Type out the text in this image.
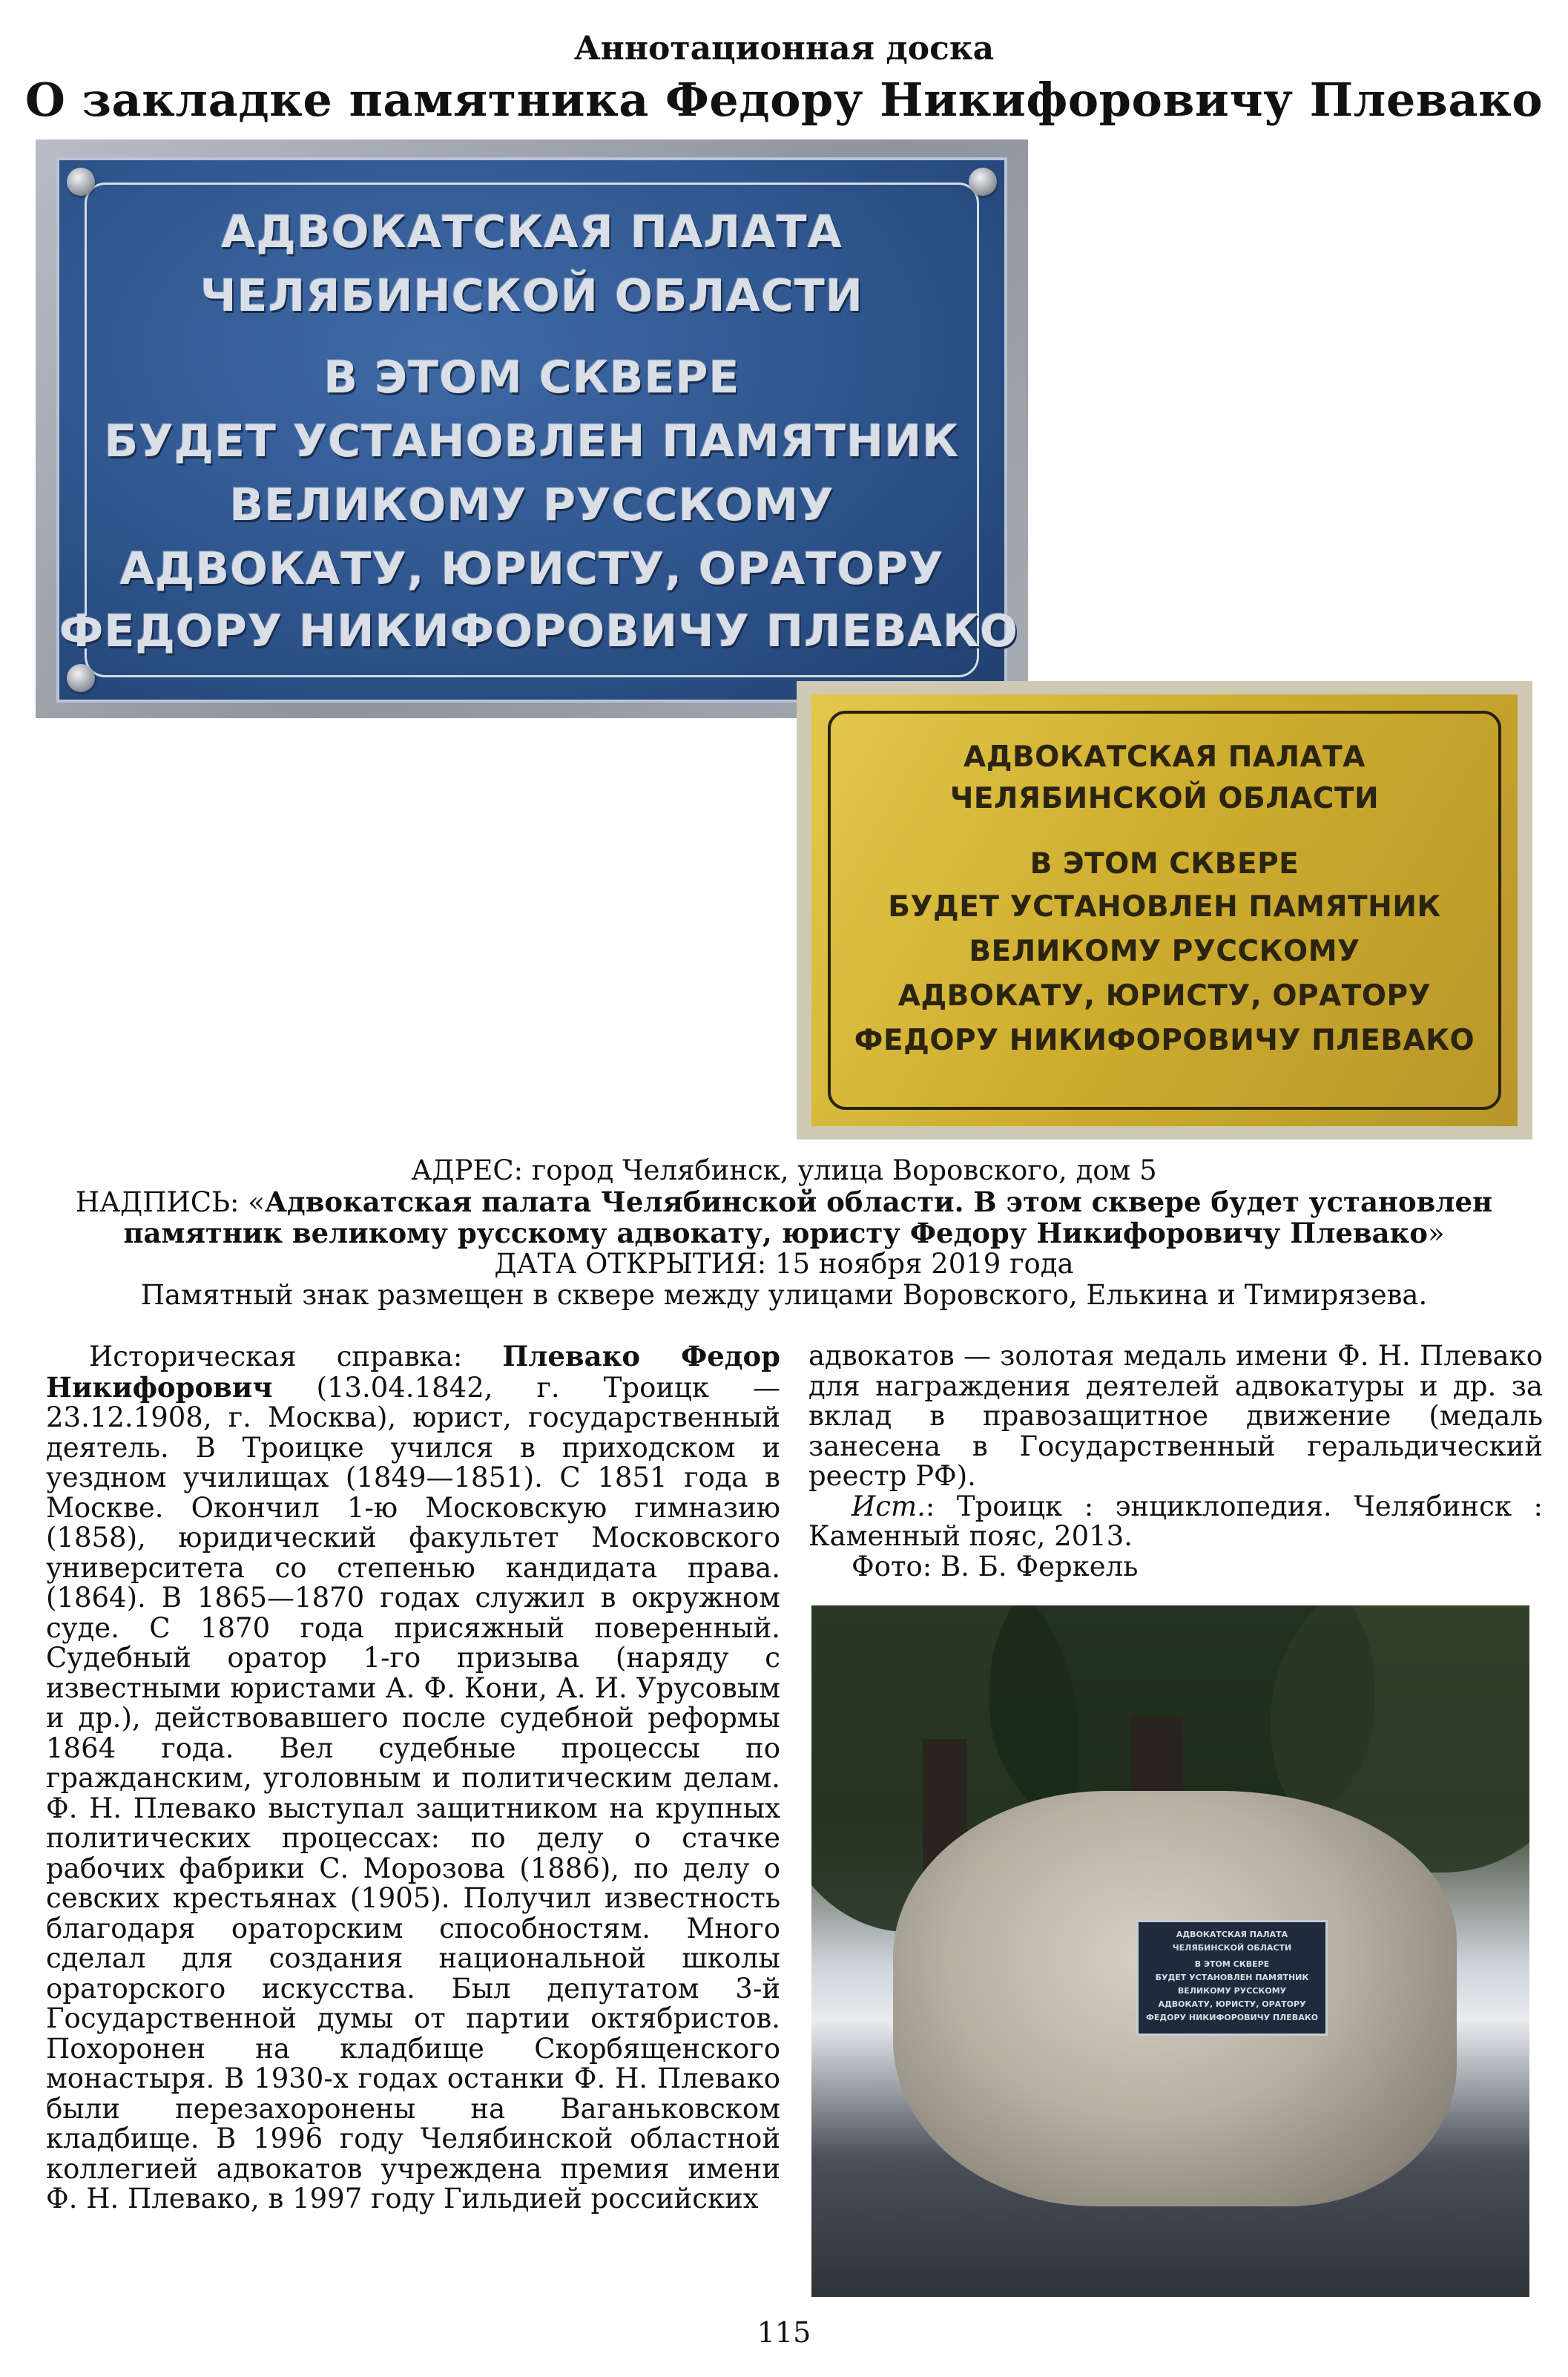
Аннотационная доска
О закладке памятника Федору Никифоровичу Плевако
АДВОКАТСКАЯ ПАЛАТА
ЧЕЛЯБИНСКОЙ ОБЛАСТИ
В ЭТОМ СКВЕРЕ
БУДЕТ УСТАНОВЛЕН ПАМЯТНИК
ВЕЛИКОМУ РУССКОМУ
АДВОКАТУ, ЮРИСТУ, ОРАТОРУ
ФЕДОРУ НИКИФОРОВИЧУ ПЛЕВАКО
АДВОКАТСКАЯ ПАЛАТА
ЧЕЛЯБИНСКОЙ ОБЛАСТИ
В ЭТОМ СКВЕРЕ
БУДЕТ УСТАНОВЛЕН ПАМЯТНИК
ВЕЛИКОМУ РУССКОМУ
АДВОКАТУ, ЮРИСТУ, ОРАТОРУ
ФЕДОРУ НИКИФОРОВИЧУ ПЛЕВАКО
АДРЕС: город Челябинск, улица Воровского, дом 5
НАДПИСЬ: «Адвокатская палата Челябинской области. В этом сквере будет установлен
памятник великому русскому адвокату, юристу Федору Никифоровичу Плевако»
ДАТА ОТКРЫТИЯ: 15 ноября 2019 года
Памятный знак размещен в сквере между улицами Воровского, Елькина и Тимирязева.

Историческая справка: Плевако Федор Никифорович (13.04.1842, г. Троицк — 23.12.1908, г. Москва), юрист, государственный деятель. В Троицке учился в приходском и уездном училищах (1849—1851). С 1851 года в Москве. Окончил 1-ю Московскую гимназию (1858), юридический факультет Московского университета со степенью кандидата права. (1864). В 1865—1870 годах служил в окружном суде. С 1870 года присяжный поверенный. Судебный оратор 1-го призыва (наряду с известными юристами А. Ф. Кони, А. И. Урусовым и др.), действовавшего после судебной реформы 1864 года. Вел судебные процессы по гражданским, уголовным и политическим делам. Ф. Н. Плевако выступал защитником на крупных политических процессах: по делу о стачке рабочих фабрики С. Морозова (1886), по делу о севских крестьянах (1905). Получил известность благодаря ораторским способностям. Много сделал для создания национальной школы ораторского искусства. Был депутатом 3-й Государственной думы от партии октябристов. Похоронен на кладбище Скорбященского монастыря. В 1930-х годах останки Ф. Н. Плевако были перезахоронены на Ваганьковском кладбище. В 1996 году Челябинской областной коллегией адвокатов учреждена премия имени Ф. Н. Плевако, в 1997 году Гильдией российских

адвокатов — золотая медаль имени Ф. Н. Плевако для награждения деятелей адвокатуры и др. за вклад в правозащитное движение (медаль занесена в Государственный геральдический реестр РФ).

Ист.: Троицк : энциклопедия. Челябинск : Каменный пояс, 2013.

Фото: В. Б. Феркель

АДВОКАТСКАЯ ПАЛАТА
ЧЕЛЯБИНСКОЙ ОБЛАСТИ
В ЭТОМ СКВЕРЕ
БУДЕТ УСТАНОВЛЕН ПАМЯТНИК
ВЕЛИКОМУ РУССКОМУ
АДВОКАТУ, ЮРИСТУ, ОРАТОРУ
ФЕДОРУ НИКИФОРОВИЧУ ПЛЕВАКО
115
